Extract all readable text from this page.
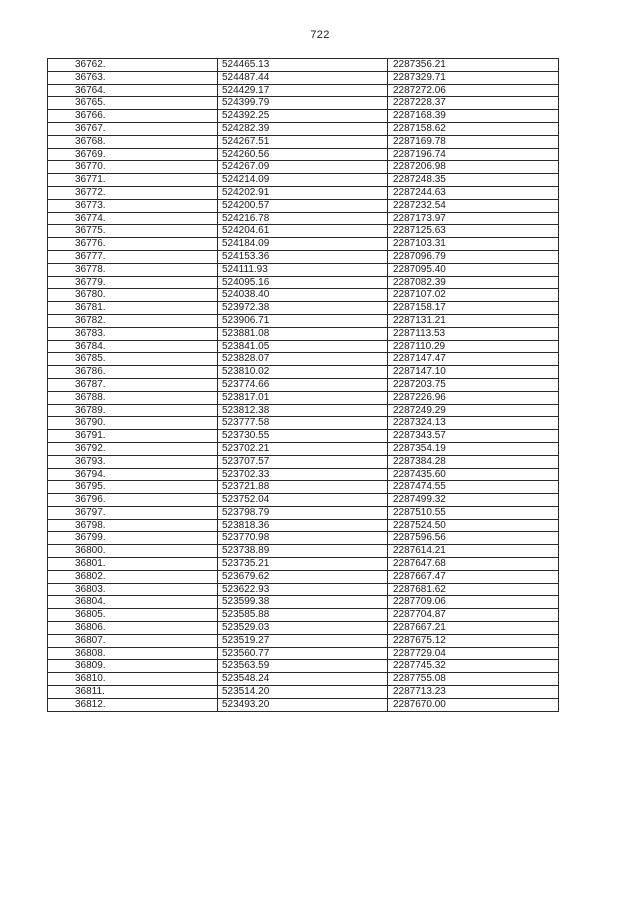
722
36762.	524465.13	2287356.21
36763.	524487.44	2287329.71
36764.	524429.17	2287272.06
36765.	524399.79	2287228.37
36766.	524392.25	2287168.39
36767.	524282.39	2287158.62
36768.	524267.51	2287169.78
36769.	524260.56	2287196.74
36770.	524267.09	2287206.98
36771.	524214.09	2287248.35
36772.	524202.91	2287244.63
36773.	524200.57	2287232.54
36774.	524216.78	2287173.97
36775.	524204.61	2287125.63
36776.	524184.09	2287103.31
36777.	524153.36	2287096.79
36778.	524111.93	2287095.40
36779.	524095.16	2287082.39
36780.	524038.40	2287107.02
36781.	523972.38	2287158.17
36782.	523906.71	2287131.21
36783.	523881.08	2287113.53
36784.	523841.05	2287110.29
36785.	523828.07	2287147.47
36786.	523810.02	2287147.10
36787.	523774.66	2287203.75
36788.	523817.01	2287226.96
36789.	523812.38	2287249.29
36790.	523777.58	2287324.13
36791.	523730.55	2287343.57
36792.	523702.21	2287354.19
36793.	523707.57	2287384.28
36794.	523702.33	2287435.60
36795.	523721.88	2287474.55
36796.	523752.04	2287499.32
36797.	523798.79	2287510.55
36798.	523818.36	2287524.50
36799.	523770.98	2287596.56
36800.	523738.89	2287614.21
36801.	523735.21	2287647.68
36802.	523679.62	2287667.47
36803.	523622.93	2287681.62
36804.	523599.38	2287709.06
36805.	523585.88	2287704.87
36806.	523529.03	2287667.21
36807.	523519.27	2287675.12
36808.	523560.77	2287729.04
36809.	523563.59	2287745.32
36810.	523548.24	2287755.08
36811.	523514.20	2287713.23
36812.	523493.20	2287670.00
